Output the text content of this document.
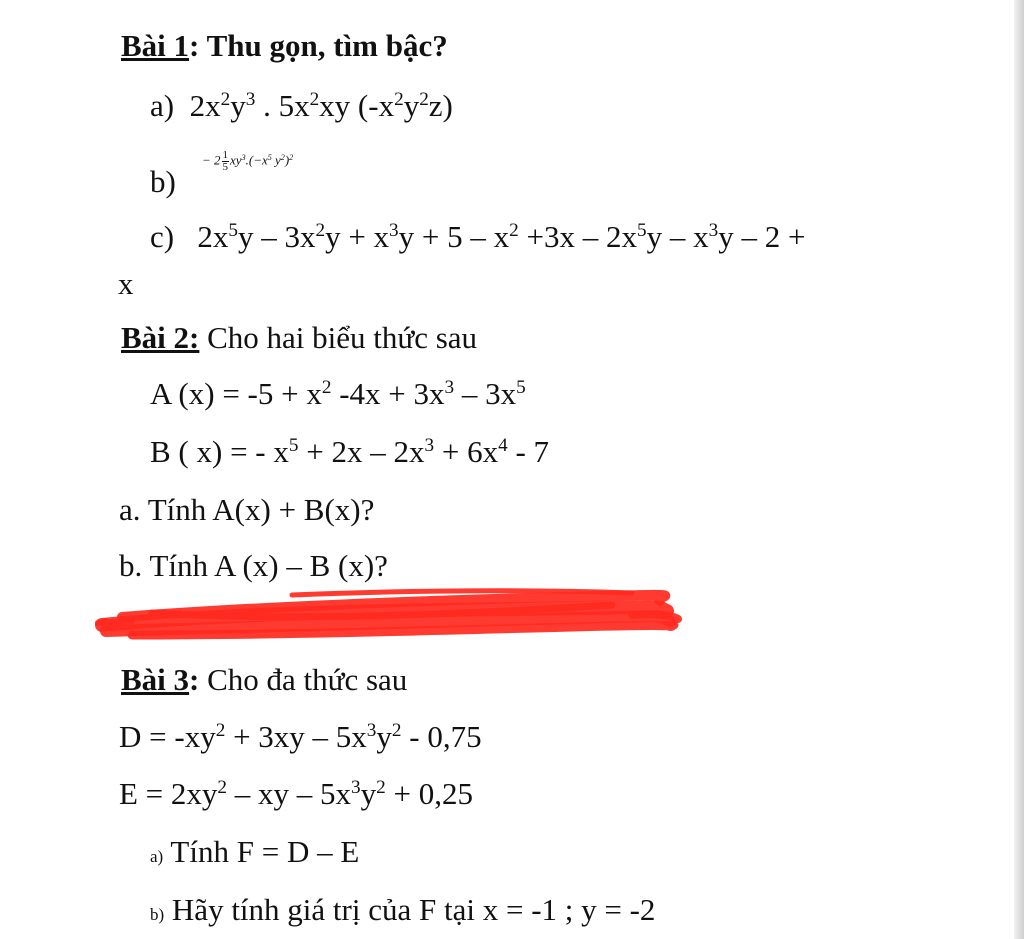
Bài 1: Thu gọn, tìm bậc?
a) $2x^2y^3$ . $5x^2xy$ $(-x^2y^2z)$
b)
− $2 \frac{1}{5} xy^3.(-x^5$ $y^2)^2$
c) $2x^5y - 3x^2y + x^3y + 5 - x^2 +3x - 2x^5y - x^3y - 2$ +
x
Bài 2: Cho hai biểu thức sau
A $(x) = -5 + x^2$ $-4x + 3x^3 - 3x^5$
B ( x) = - $x^5 + 2x - 2x^3 + 6x^4 - 7$
a. Tính A(x) + B(x)?
b. Tính A (x) – B (x)?
Bài 3: Cho đa thức sau
$D = -xy^2 + 3xy - 5x^3y^2 - 0,75$
$E = 2xy^2$ – xy – $5x^3y^2 + 0,25$
a) Tính F = D – E
b) Hãy tính giá trị của F tại x = -1 ; y = -2
